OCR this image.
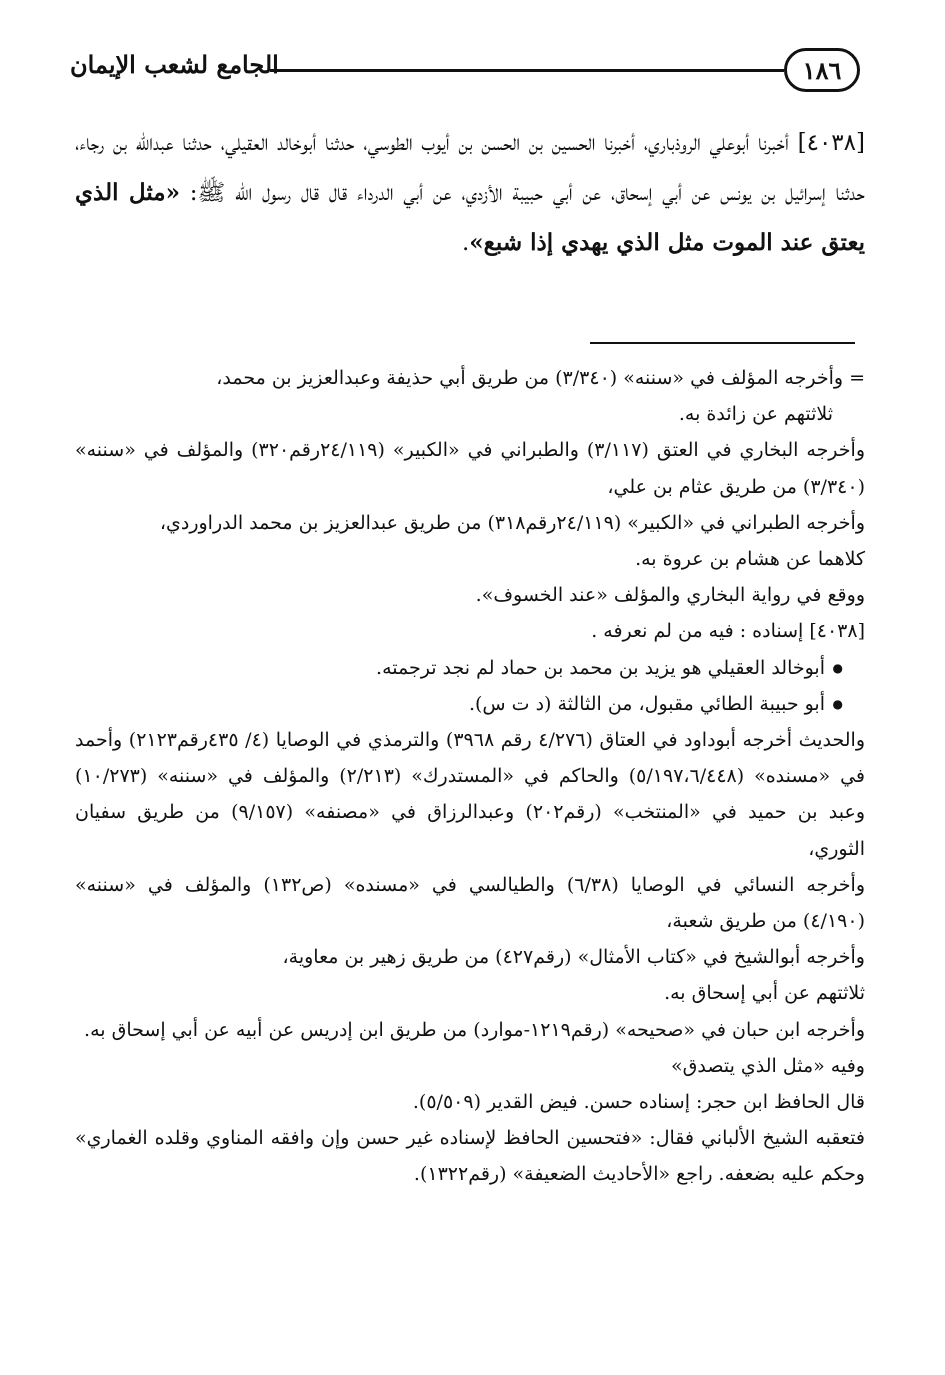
١٨٦
الجامع لشعب الإيمان
[٤٠٣٨] أخبرنا أبوعلي الروذباري، أخبرنا الحسين بن الحسن بن أيوب الطوسي، حدثنا أبوخالد العقيلي، حدثنا عبدالله بن رجاء، حدثنا إسرائيل بن يونس عن أبي إسحاق، عن أبي حبيبة الأزدي، عن أبي الدرداء قال قال رسول الله ﷺ: «مثل الذي يعتق عند الموت مثل الذي يهدي إذا شبع».

= وأخرجه المؤلف في «سننه» (٣/٣٤٠) من طريق أبي حذيفة وعبدالعزيز بن محمد،

ثلاثتهم عن زائدة به.

وأخرجه البخاري في العتق (٣/١١٧) والطبراني في «الكبير» (٢٤/١١٩رقم٣٢٠) والمؤلف في «سننه» (٣/٣٤٠) من طريق عثام بن علي،

وأخرجه الطبراني في «الكبير» (٢٤/١١٩رقم٣١٨) من طريق عبدالعزيز بن محمد الدراوردي،

كلاهما عن هشام بن عروة به.

ووقع في رواية البخاري والمؤلف «عند الخسوف».

[٤٠٣٨] إسناده : فيه من لم نعرفه .

● أبوخالد العقيلي هو يزيد بن محمد بن حماد لم نجد ترجمته.

● أبو حبيبة الطائي مقبول، من الثالثة (د ت س).

والحديث أخرجه أبوداود في العتاق (٤/٢٧٦ رقم ٣٩٦٨) والترمذي في الوصايا (٤/ ٤٣٥رقم٢١٢٣) وأحمد في «مسنده» (٥/١٩٧،٦/٤٤٨) والحاكم في «المستدرك» (٢/٢١٣) والمؤلف في «سننه» (١٠/٢٧٣) وعبد بن حميد في «المنتخب» (رقم٢٠٢) وعبدالرزاق في «مصنفه» (٩/١٥٧) من طريق سفيان الثوري،

وأخرجه النسائي في الوصايا (٦/٣٨) والطيالسي في «مسنده» (ص١٣٢) والمؤلف في «سننه» (٤/١٩٠) من طريق شعبة،

وأخرجه أبوالشيخ في «كتاب الأمثال» (رقم٤٢٧) من طريق زهير بن معاوية،

ثلاثتهم عن أبي إسحاق به.

وأخرجه ابن حبان في «صحيحه» (رقم١٢١٩-موارد) من طريق ابن إدريس عن أبيه عن أبي إسحاق به.

وفيه «مثل الذي يتصدق»

قال الحافظ ابن حجر: إسناده حسن. فيض القدير (٥/٥٠٩).

فتعقبه الشيخ الألباني فقال: «فتحسين الحافظ لإسناده غير حسن وإن وافقه المناوي وقلده الغماري» وحكم عليه بضعفه. راجع «الأحاديث الضعيفة» (رقم١٣٢٢).
